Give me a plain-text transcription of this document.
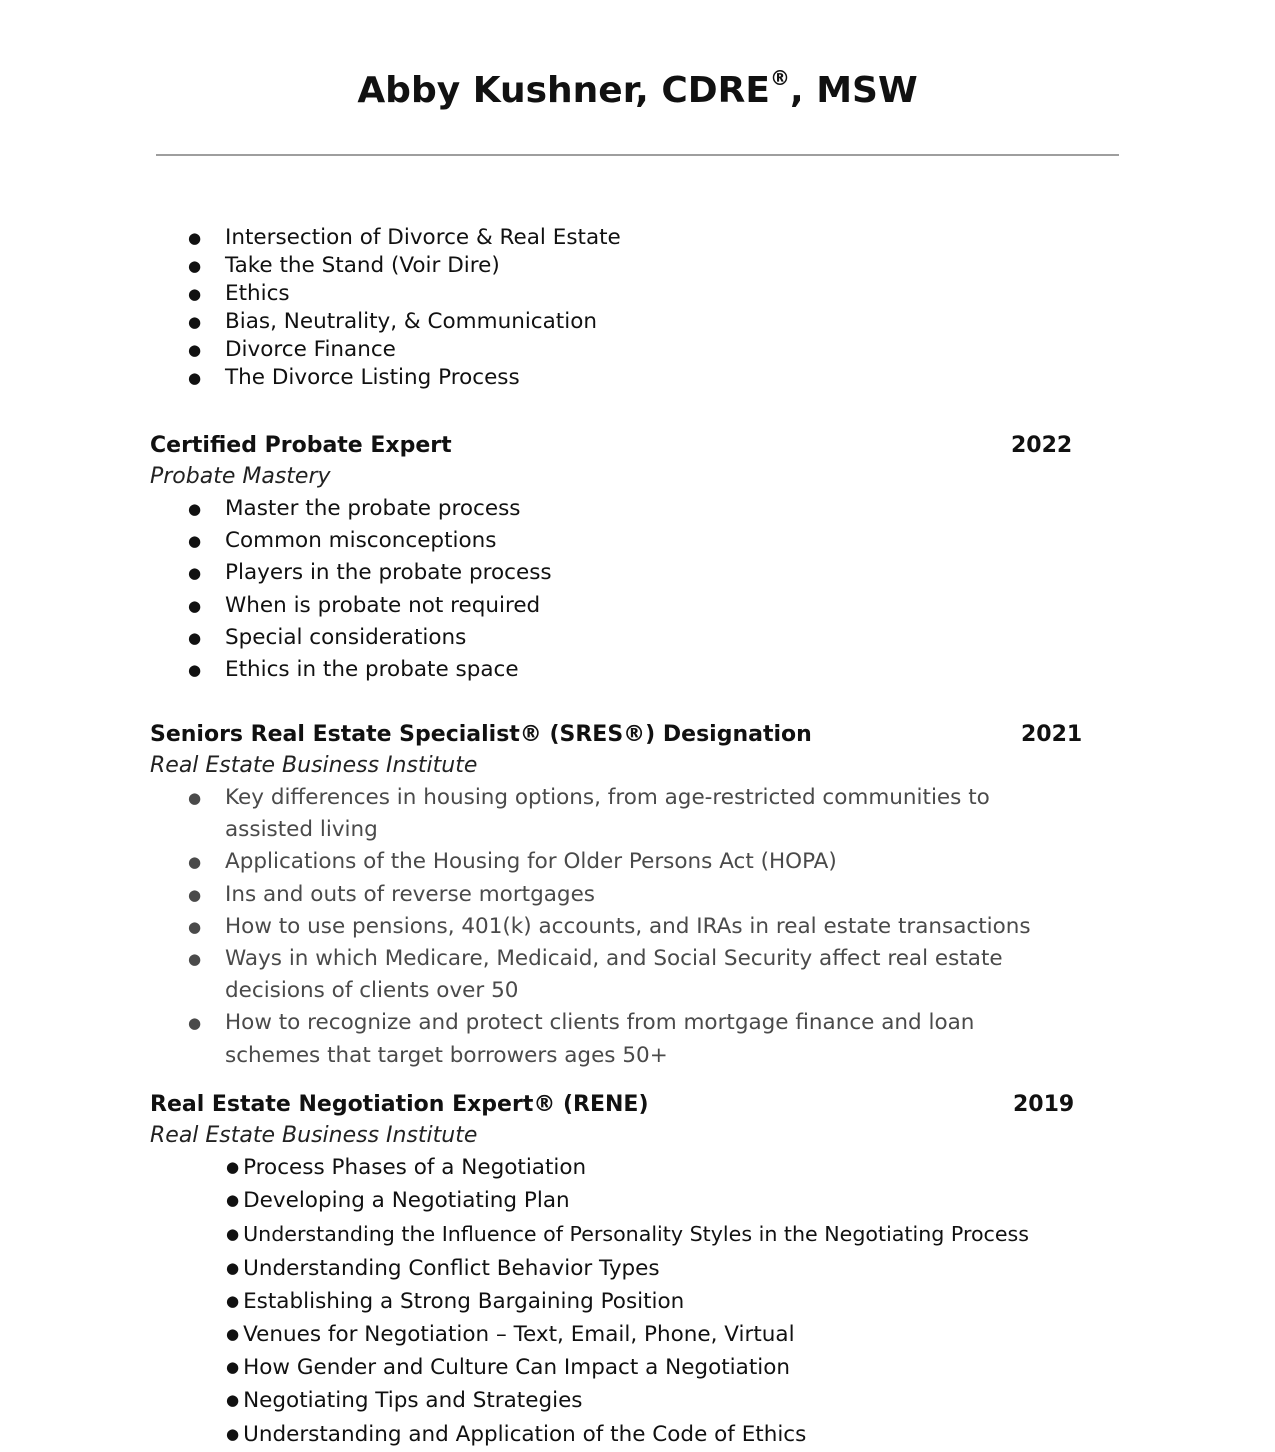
Abby Kushner, CDRE®, MSW
● Intersection of Divorce & Real Estate
● Take the Stand (Voir Dire)
● Ethics
● Bias, Neutrality, & Communication
● Divorce Finance
● The Divorce Listing Process
Certified Probate Expert	2022
Probate Mastery
● Master the probate process
● Common misconceptions
● Players in the probate process
● When is probate not required
● Special considerations
● Ethics in the probate space
Seniors Real Estate Specialist® (SRES®) Designation	2021
Real Estate Business Institute
● Key differences in housing options, from age-restricted communities to assisted living
● Applications of the Housing for Older Persons Act (HOPA)
● Ins and outs of reverse mortgages
● How to use pensions, 401(k) accounts, and IRAs in real estate transactions
● Ways in which Medicare, Medicaid, and Social Security affect real estate decisions of clients over 50
● How to recognize and protect clients from mortgage finance and loan schemes that target borrowers ages 50+
Real Estate Negotiation Expert® (RENE)	2019
Real Estate Business Institute
● Process Phases of a Negotiation
● Developing a Negotiating Plan
● Understanding the Influence of Personality Styles in the Negotiating Process
● Understanding Conflict Behavior Types
● Establishing a Strong Bargaining Position
● Venues for Negotiation – Text, Email, Phone, Virtual
● How Gender and Culture Can Impact a Negotiation
● Negotiating Tips and Strategies
● Understanding and Application of the Code of Ethics
